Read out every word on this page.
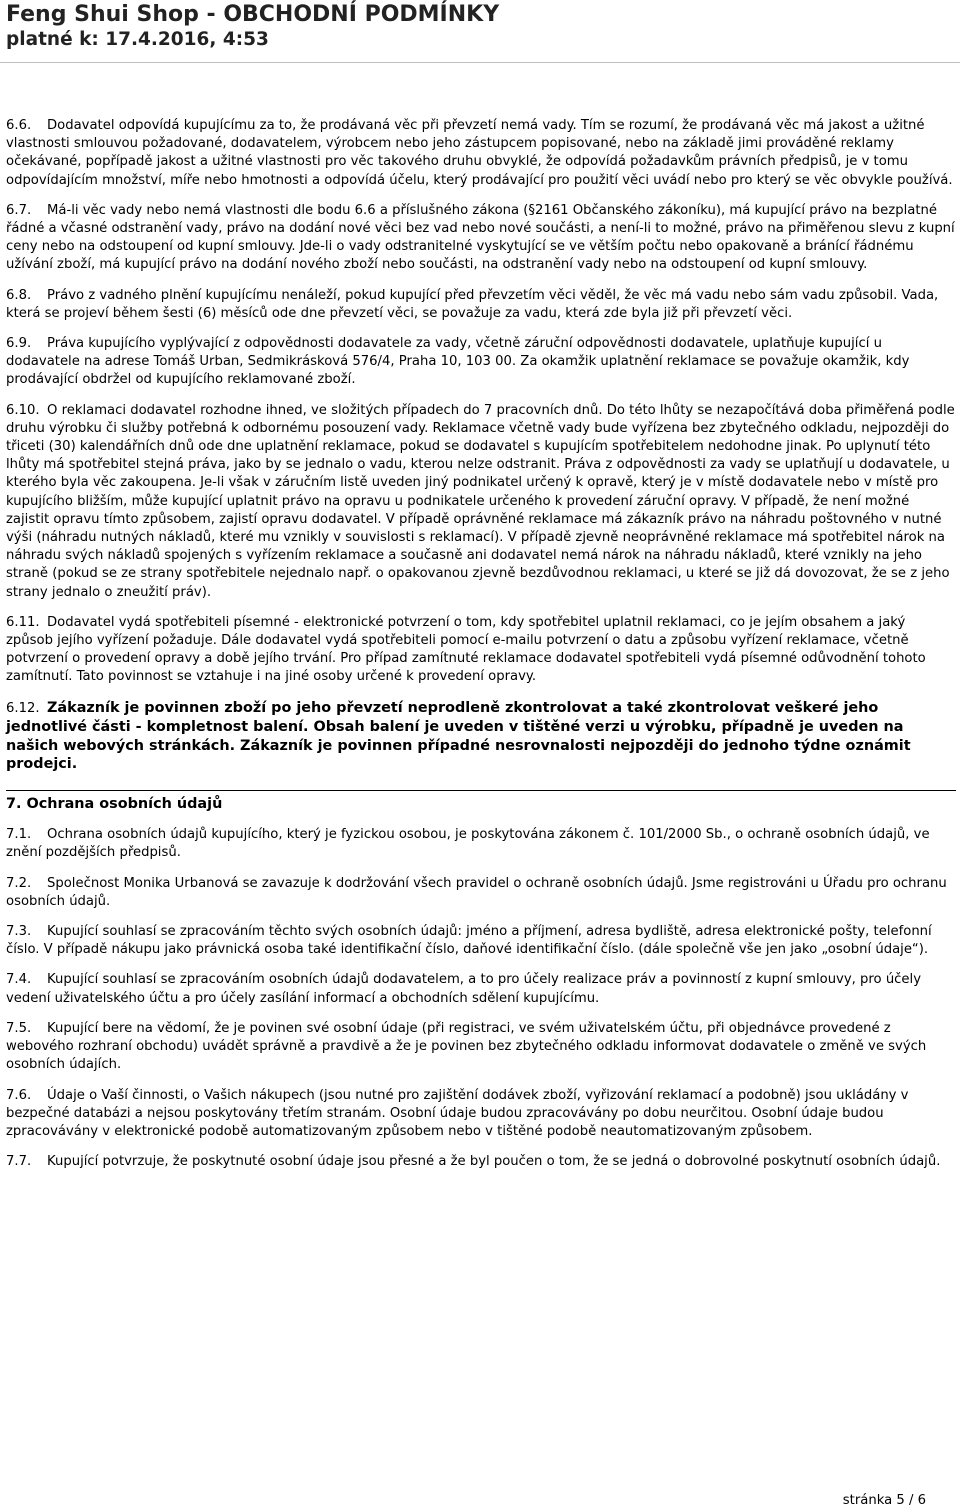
Feng Shui Shop - OBCHODNÍ PODMÍNKY

platné k: 17.4.2016, 4:53

6.6. Dodavatel odpovídá kupujícímu za to, že prodávaná věc při převzetí nemá vady. Tím se rozumí, že prodávaná věc má jakost a užitné vlastnosti smlouvou požadované, dodavatelem, výrobcem nebo jeho zástupcem popisované, nebo na základě jimi prováděné reklamy očekávané, popřípadě jakost a užitné vlastnosti pro věc takového druhu obvyklé, že odpovídá požadavkům právních předpisů, je v tomu odpovídajícím množství, míře nebo hmotnosti a odpovídá účelu, který prodávající pro použití věci uvádí nebo pro který se věc obvykle používá.

6.7. Má-li věc vady nebo nemá vlastnosti dle bodu 6.6 a příslušného zákona (§2161 Občanského zákoníku), má kupující právo na bezplatné řádné a včasné odstranění vady, právo na dodání nové věci bez vad nebo nové součásti, a není-li to možné, právo na přiměřenou slevu z kupní ceny nebo na odstoupení od kupní smlouvy. Jde-li o vady odstranitelné vyskytující se ve větším počtu nebo opakovaně a bránící řádnému užívání zboží, má kupující právo na dodání nového zboží nebo součásti, na odstranění vady nebo na odstoupení od kupní smlouvy.

6.8. Právo z vadného plnění kupujícímu nenáleží, pokud kupující před převzetím věci věděl, že věc má vadu nebo sám vadu způsobil. Vada, která se projeví během šesti (6) měsíců ode dne převzetí věci, se považuje za vadu, která zde byla již při převzetí věci.

6.9. Práva kupujícího vyplývající z odpovědnosti dodavatele za vady, včetně záruční odpovědnosti dodavatele, uplatňuje kupující u dodavatele na adrese Tomáš Urban, Sedmikrásková 576/4, Praha 10, 103 00. Za okamžik uplatnění reklamace se považuje okamžik, kdy prodávající obdržel od kupujícího reklamované zboží.

6.10. O reklamaci dodavatel rozhodne ihned, ve složitých případech do 7 pracovních dnů. Do této lhůty se nezapočítává doba přiměřená podle druhu výrobku či služby potřebná k odbornému posouzení vady. Reklamace včetně vady bude vyřízena bez zbytečného odkladu, nejpozději do třiceti (30) kalendářních dnů ode dne uplatnění reklamace, pokud se dodavatel s kupujícím spotřebitelem nedohodne jinak. Po uplynutí této lhůty má spotřebitel stejná práva, jako by se jednalo o vadu, kterou nelze odstranit. Práva z odpovědnosti za vady se uplatňují u dodavatele, u kterého byla věc zakoupena. Je-li však v záručním listě uveden jiný podnikatel určený k opravě, který je v místě dodavatele nebo v místě pro kupujícího bližším, může kupující uplatnit právo na opravu u podnikatele určeného k provedení záruční opravy. V případě, že není možné zajistit opravu tímto způsobem, zajistí opravu dodavatel. V případě oprávněné reklamace má zákazník právo na náhradu poštovného v nutné výši (náhradu nutných nákladů, které mu vznikly v souvislosti s reklamací). V případě zjevně neoprávněné reklamace má spotřebitel nárok na náhradu svých nákladů spojených s vyřízením reklamace a současně ani dodavatel nemá nárok na náhradu nákladů, které vznikly na jeho straně (pokud se ze strany spotřebitele nejednalo např. o opakovanou zjevně bezdůvodnou reklamaci, u které se již dá dovozovat, že se z jeho strany jednalo o zneužití práv).

6.11. Dodavatel vydá spotřebiteli písemné - elektronické potvrzení o tom, kdy spotřebitel uplatnil reklamaci, co je jejím obsahem a jaký způsob jejího vyřízení požaduje. Dále dodavatel vydá spotřebiteli pomocí e-mailu potvrzení o datu a způsobu vyřízení reklamace, včetně potvrzení o provedení opravy a době jejího trvání. Pro případ zamítnuté reklamace dodavatel spotřebiteli vydá písemné odůvodnění tohoto zamítnutí. Tato povinnost se vztahuje i na jiné osoby určené k provedení opravy.

6.12. Zákazník je povinnen zboží po jeho převzetí neprodleně zkontrolovat a také zkontrolovat veškeré jeho jednotlivé části - kompletnost balení. Obsah balení je uveden v tištěné verzi u výrobku, případně je uveden na našich webových stránkách. Zákazník je povinnen případné nesrovnalosti nejpozději do jednoho týdne oznámit prodejci.

7. Ochrana osobních údajů

7.1. Ochrana osobních údajů kupujícího, který je fyzickou osobou, je poskytována zákonem č. 101/2000 Sb., o ochraně osobních údajů, ve znění pozdějších předpisů.

7.2. Společnost Monika Urbanová se zavazuje k dodržování všech pravidel o ochraně osobních údajů. Jsme registrováni u Úřadu pro ochranu osobních údajů.

7.3. Kupující souhlasí se zpracováním těchto svých osobních údajů: jméno a příjmení, adresa bydliště, adresa elektronické pošty, telefonní číslo. V případě nákupu jako právnická osoba také identifikační číslo, daňové identifikační číslo. (dále společně vše jen jako „osobní údaje“).

7.4. Kupující souhlasí se zpracováním osobních údajů dodavatelem, a to pro účely realizace práv a povinností z kupní smlouvy, pro účely vedení uživatelského účtu a pro účely zasílání informací a obchodních sdělení kupujícímu.

7.5. Kupující bere na vědomí, že je povinen své osobní údaje (při registraci, ve svém uživatelském účtu, při objednávce provedené z webového rozhraní obchodu) uvádět správně a pravdivě a že je povinen bez zbytečného odkladu informovat dodavatele o změně ve svých osobních údajích.

7.6. Údaje o Vaší činnosti, o Vašich nákupech (jsou nutné pro zajištění dodávek zboží, vyřizování reklamací a podobně) jsou ukládány v bezpečné databázi a nejsou poskytovány třetím stranám. Osobní údaje budou zpracovávány po dobu neurčitou. Osobní údaje budou zpracovávány v elektronické podobě automatizovaným způsobem nebo v tištěné podobě neautomatizovaným způsobem.

7.7. Kupující potvrzuje, že poskytnuté osobní údaje jsou přesné a že byl poučen o tom, že se jedná o dobrovolné poskytnutí osobních údajů.

stránka 5 / 6
